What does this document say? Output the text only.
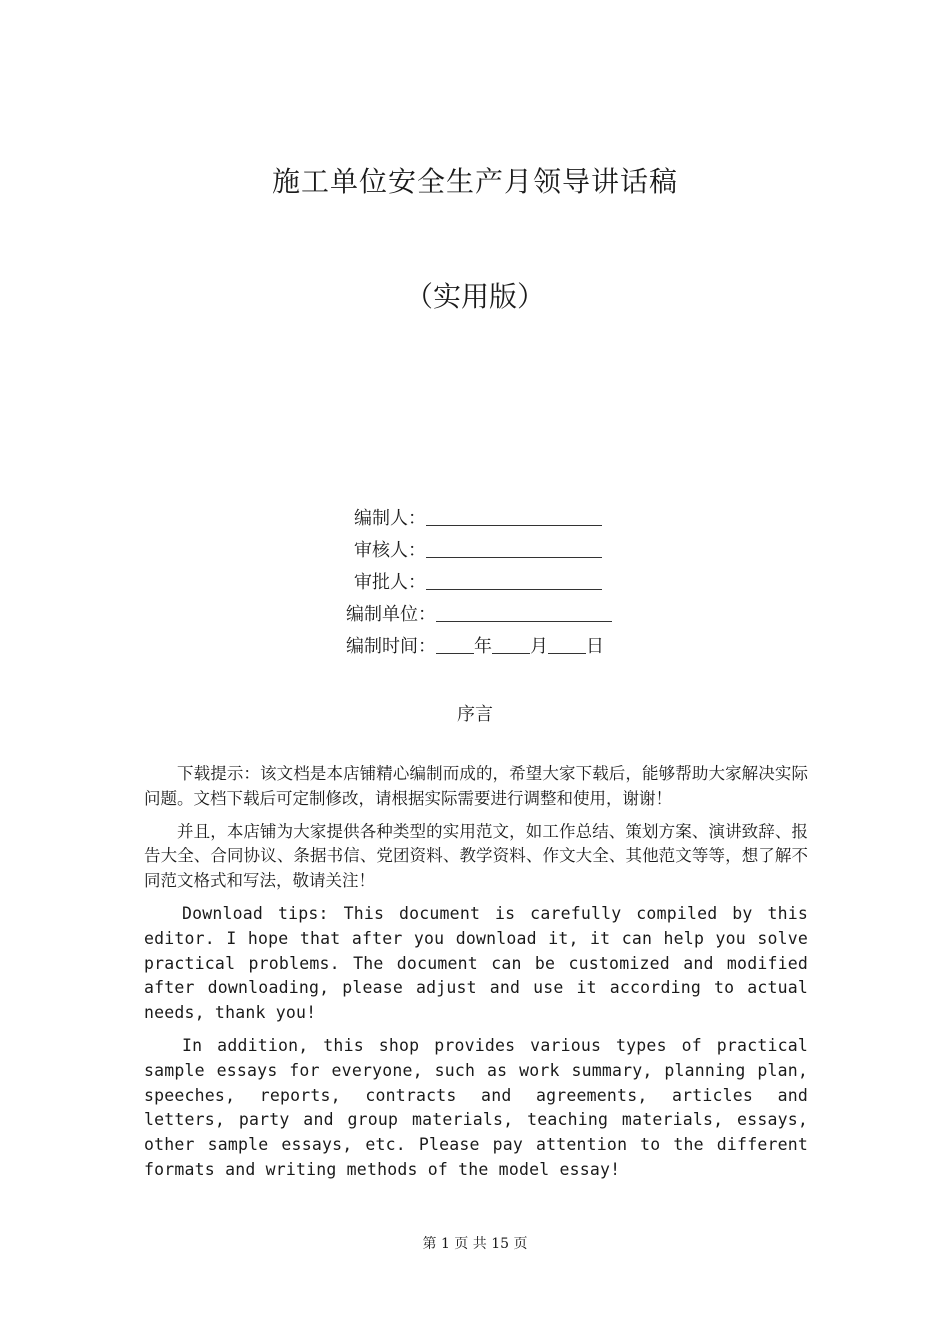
施工单位安全生产月领导讲话稿
（实用版）
编制人：
审核人：
审批人：
编制单位：
编制时间： 年 月 日
序言

下载提示：该文档是本店铺精心编制而成的，希望大家下载后，能够帮助大家解决实际问题。文档下载后可定制修改，请根据实际需要进行调整和使用，谢谢！

并且，本店铺为大家提供各种类型的实用范文，如工作总结、策划方案、演讲致辞、报告大全、合同协议、条据书信、党团资料、教学资料、作文大全、其他范文等等，想了解不同范文格式和写法，敬请关注！

Download tips: This document is carefully compiled by this editor. I hope that after you download it, it can help you solve practical problems. The document can be customized and modified after downloading, please adjust and use it according to actual needs, thank you!

In addition, this shop provides various types of practical sample essays for everyone, such as work summary, planning plan, speeches, reports, contracts and agreements, articles and letters, party and group materials, teaching materials, essays, other sample essays, etc. Please pay attention to the different formats and writing methods of the model essay!

第 1 页 共 15 页
